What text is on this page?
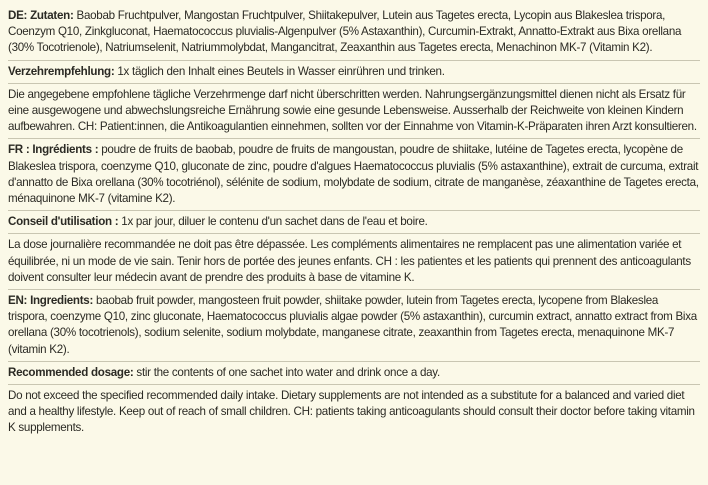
DE: Zutaten: Baobab Fruchtpulver, Mangostan Fruchtpulver, Shiitakepulver, Lutein aus Tagetes erecta, Lycopin aus Blakeslea trispora, Coenzym Q10, Zinkgluconat, Haematococcus pluvialis-Algenpulver (5% Astaxanthin), Curcumin-Extrakt, Annatto-Extrakt aus Bixa orellana (30% Tocotrienole), Natriumselenit, Natriummolybdat, Mangancitrat, Zeaxanthin aus Tagetes erecta, Menachinon MK-7 (Vitamin K2).
Verzehrempfehlung: 1x täglich den Inhalt eines Beutels in Wasser einrühren und trinken.
Die angegebene empfohlene tägliche Verzehrmenge darf nicht überschritten werden. Nahrungsergänzungsmittel dienen nicht als Ersatz für eine ausgewogene und abwechslungsreiche Ernährung sowie eine gesunde Lebensweise. Ausserhalb der Reichweite von kleinen Kindern aufbewahren. CH: Patient:innen, die Antikoagulantien einnehmen, sollten vor der Einnahme von Vitamin-K-Präparaten ihren Arzt konsultieren.
FR : Ingrédients : poudre de fruits de baobab, poudre de fruits de mangoustan, poudre de shiitake, lutéine de Tagetes erecta, lycopène de Blakeslea trispora, coenzyme Q10, gluconate de zinc, poudre d'algues Haematococcus pluvialis (5% astaxanthine), extrait de curcuma, extrait d'annatto de Bixa orellana (30% tocotriénol), sélénite de sodium, molybdate de sodium, citrate de manganèse, zéaxanthine de Tagetes erecta, ménaquinone MK-7 (vitamine K2).
Conseil d'utilisation : 1x par jour, diluer le contenu d'un sachet dans de l'eau et boire.
La dose journalière recommandée ne doit pas être dépassée. Les compléments alimentaires ne remplacent pas une alimentation variée et équilibrée, ni un mode de vie sain. Tenir hors de portée des jeunes enfants. CH : les patientes et les patients qui prennent des anticoagulants doivent consulter leur médecin avant de prendre des produits à base de vitamine K.
EN: Ingredients: baobab fruit powder, mangosteen fruit powder, shiitake powder, lutein from Tagetes erecta, lycopene from Blakeslea trispora, coenzyme Q10, zinc gluconate, Haematococcus pluvialis algae powder (5% astaxanthin), curcumin extract, annatto extract from Bixa orellana (30% tocotrienols), sodium selenite, sodium molybdate, manganese citrate, zeaxanthin from Tagetes erecta, menaquinone MK-7 (vitamin K2).
Recommended dosage: stir the contents of one sachet into water and drink once a day.
Do not exceed the specified recommended daily intake. Dietary supplements are not intended as a substitute for a balanced and varied diet and a healthy lifestyle. Keep out of reach of small children. CH: patients taking anticoagulants should consult their doctor before taking vitamin K supplements.
